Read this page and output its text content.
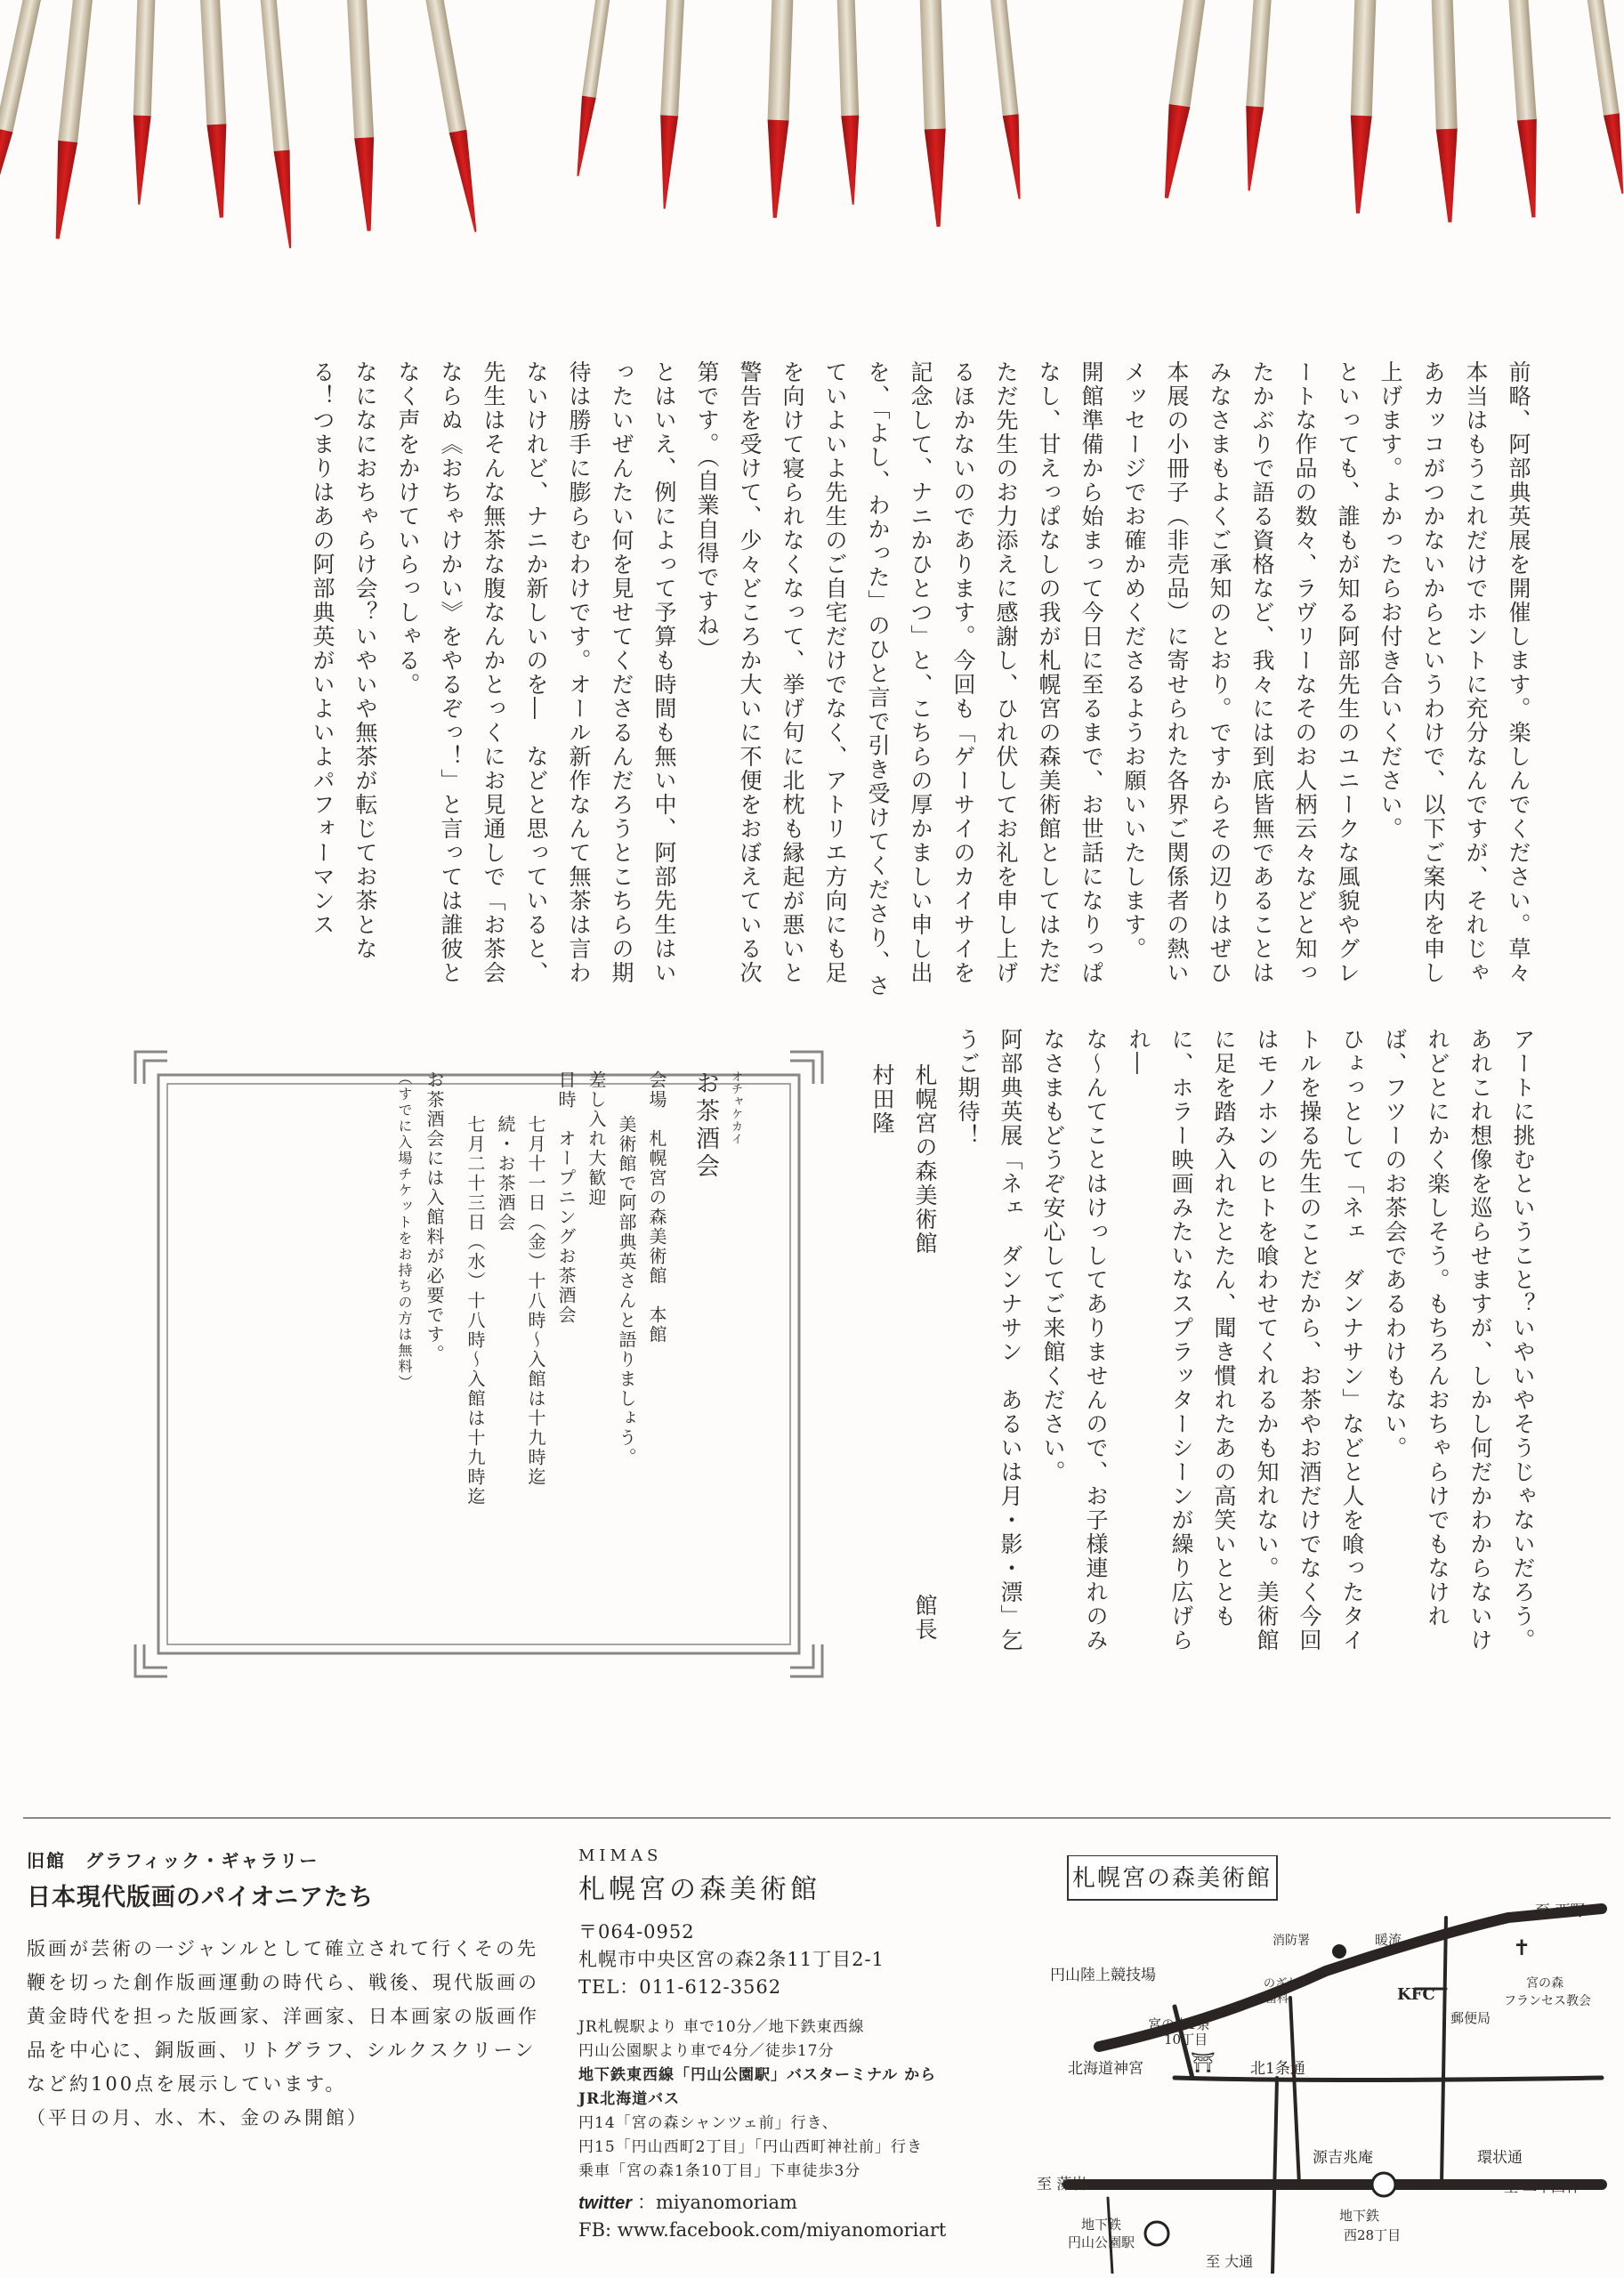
前略、阿部典英展を開催します。楽しんでください。草々
本当はもうこれだけでホントに充分なんですが、それじゃあカッコがつかないからというわけで、以下ご案内を申し上げます。よかったらお付き合いください。
といっても、誰もが知る阿部先生のユニークな風貌やグレートな作品の数々、ラヴリーなそのお人柄云々などと知ったかぶりで語る資格など、我々には到底皆無であることはみなさまもよくご承知のとおり。ですからその辺りはぜひ本展の小冊子（非売品）に寄せられた各界ご関係者の熱いメッセージでお確かめくださるようお願いいたします。
開館準備から始まって今日に至るまで、お世話になりっぱなし、甘えっぱなしの我が札幌宮の森美術館としてはただただ先生のお力添えに感謝し、ひれ伏してお礼を申し上げるほかないのであります。今回も「ゲーサイのカイサイを記念して、ナニかひとつ」と、こちらの厚かましい申し出を、「よし、わかった」のひと言で引き受けてくださり、さていよいよ先生のご自宅だけでなく、アトリエ方向にも足を向けて寝られなくなって、挙げ句に北枕も縁起が悪いと警告を受けて、少々どころか大いに不便をおぼえている次第です。（自業自得ですね）
とはいえ、例によって予算も時間も無い中、阿部先生はいったいぜんたい何を見せてくださるんだろうとこちらの期待は勝手に膨らむわけです。オール新作なんて無茶は言わないけれど、ナニか新しいのを―　などと思っていると、先生はそんな無茶な腹なんかとっくにお見通しで「お茶会ならぬ《おちゃけかい》をやるぞっ！」と言っては誰彼となく声をかけていらっしゃる。
なになにおちゃらけ会？いやいや無茶が転じてお茶となる！つまりはあの阿部典英がいよいよパフォーマンス
アートに挑むということ？いやいやそうじゃないだろう。あれこれ想像を巡らせますが、しかし何だかわからないけれどとにかく楽しそう。もちろんおちゃらけでもなければ、フツーのお茶会であるわけもない。
ひょっとして「ネェ　ダンナサン」などと人を喰ったタイトルを操る先生のことだから、お茶やお酒だけでなく今回はモノホンのヒトを喰わせてくれるかも知れない。美術館に足を踏み入れたとたん、聞き慣れたあの高笑いとともに、ホラー映画みたいなスプラッターシーンが繰り広げられ―
な～んてことはけっしてありませんので、お子様連れのみなさまもどうぞ安心してご来館ください。
阿部典英展「ネェ　ダンナサン　あるいは月・影・漂」乞うご期待！
札幌宮の森美術館館長　村田隆
オチャケカイ
お茶酒会
会場　札幌宮の森美術館　本館
美術館で阿部典英さんと語りましょう。
差し入れ大歓迎
日時　オープニングお茶酒会
七月十一日（金）十八時～入館は十九時迄
続・お茶酒会
七月二十三日（水）十八時～入館は十九時迄
お茶酒会には入館料が必要です。
（すでに入場チケットをお持ちの方は無料）
旧館　グラフィック・ギャラリー
日本現代版画のパイオニアたち
版画が芸術の一ジャンルとして確立されて行くその先鞭を切った創作版画運動の時代ら、戦後、現代版画の黄金時代を担った版画家、洋画家、日本画家の版画作品を中心に、銅版画、リトグラフ、シルクスクリーンなど約100点を展示しています。
（平日の月、水、木、金のみ開館）
MIMAS
札幌宮の森美術館
〒064-0952
札幌市中央区宮の森2条11丁目2-1
TEL：011-612-3562
JR札幌駅より 車で10分／地下鉄東西線
円山公園駅より車で4分／徒歩17分
地下鉄東西線「円山公園駅」バスターミナル から
JR北海道バス
円14「宮の森シャンツェ前」行き、
円15「円山西町2丁目」「円山西町神社前」行き
乗車「宮の森1条10丁目」下車徒歩3分
twitter ：miyanomoriam
FB: www.facebook.com/miyanomoriart
札幌宮の森美術館
⛩
✝
円山陸上競技場
消防署
のざわ
歯科
暖流
KFC
宮の森
フランセス教会
至 西野
郵便局
宮の森1条
10丁目
北海道神宮	北1条通
源吉兆庵	環状通
至 藻岩	至 二十四軒
地下鉄
円山公園駅
地下鉄
西28丁目
至 大通
